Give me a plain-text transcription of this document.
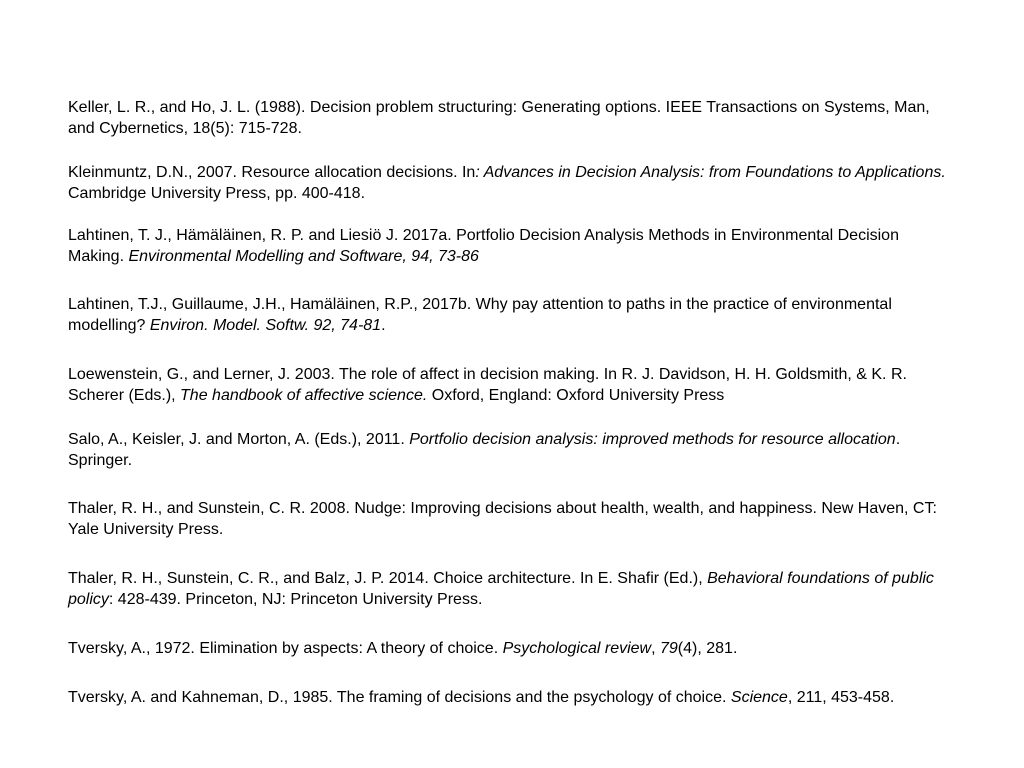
Keller, L. R., and Ho, J. L. (1988). Decision problem structuring: Generating options. IEEE Transactions on Systems, Man, and Cybernetics, 18(5): 715-728.

Kleinmuntz, D.N., 2007. Resource allocation decisions. In: Advances in Decision Analysis: from Foundations to Applications. Cambridge University Press, pp. 400-418.

Lahtinen, T. J., Hämäläinen, R. P. and Liesiö J. 2017a. Portfolio Decision Analysis Methods in Environmental Decision Making. Environmental Modelling and Software, 94, 73-86

Lahtinen, T.J., Guillaume, J.H., Hamäläinen, R.P., 2017b. Why pay attention to paths in the practice of environmental modelling? Environ. Model. Softw. 92, 74-81.

Loewenstein, G., and Lerner, J. 2003. The role of affect in decision making. In R. J. Davidson, H. H. Goldsmith, & K. R. Scherer (Eds.), The handbook of affective science. Oxford, England: Oxford University Press

Salo, A., Keisler, J. and Morton, A. (Eds.), 2011. Portfolio decision analysis: improved methods for resource allocation. Springer.

Thaler, R. H., and Sunstein, C. R. 2008. Nudge: Improving decisions about health, wealth, and happiness. New Haven, CT: Yale University Press.

Thaler, R. H., Sunstein, C. R., and Balz, J. P. 2014. Choice architecture. In E. Shafir (Ed.), Behavioral foundations of public policy: 428-439. Princeton, NJ: Princeton University Press.

Tversky, A., 1972. Elimination by aspects: A theory of choice. Psychological review, 79(4), 281.

Tversky, A. and Kahneman, D., 1985. The framing of decisions and the psychology of choice. Science, 211, 453-458.
